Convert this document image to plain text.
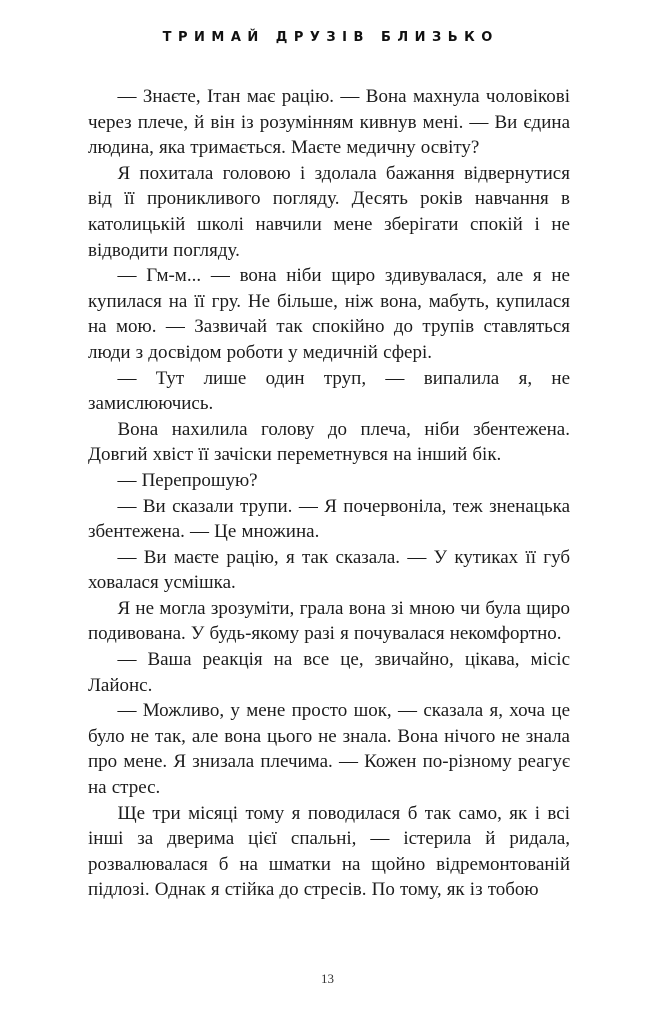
ТРИМАЙ ДРУЗІВ БЛИЗЬКО

— Знаєте, Ітан має рацію. — Вона махнула чоловікові через плече, й він із розумінням кивнув мені. — Ви єдина людина, яка тримається. Маєте медичну освіту?

Я похитала головою і здолала бажання відвернутися від її проникливого погляду. Десять років навчання в католицькій школі навчили мене зберігати спокій і не відводити погляду.

— Гм-м... — вона ніби щиро здивувалася, але я не купилася на її гру. Не більше, ніж вона, мабуть, купилася на мою. — Зазвичай так спокійно до трупів ставляться люди з досвідом роботи у медичній сфері.

— Тут лише один труп, — випалила я, не замислюючись.

Вона нахилила голову до плеча, ніби збентежена. Довгий хвіст її зачіски переметнувся на інший бік.

— Перепрошую?

— Ви сказали трупи. — Я почервоніла, теж зненацька збентежена. — Це множина.

— Ви маєте рацію, я так сказала. — У кутиках її губ ховалася усмішка.

Я не могла зрозуміти, грала вона зі мною чи була щиро подивована. У будь-якому разі я почувалася некомфортно.

— Ваша реакція на все це, звичайно, цікава, місіс Лайонс.

— Можливо, у мене просто шок, — сказала я, хоча це було не так, але вона цього не знала. Вона нічого не знала про мене. Я знизала плечима. — Кожен по-різному реагує на стрес.

Ще три місяці тому я поводилася б так само, як і всі інші за дверима цієї спальні, — істерила й ридала, розвалювалася б на шматки на щойно відремонтованій підлозі. Однак я стійка до стресів. По тому, як із тобою

13
